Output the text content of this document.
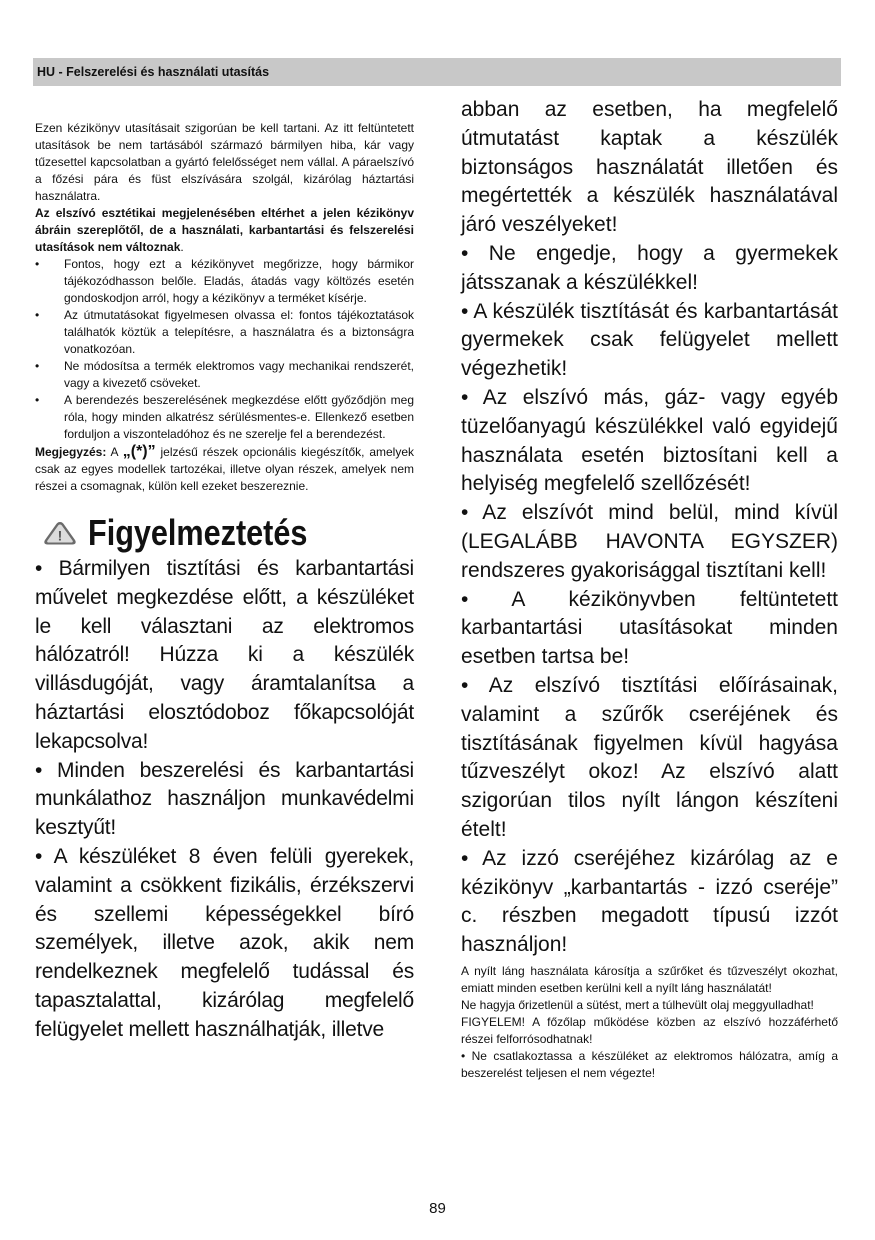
HU - Felszerelési és használati utasítás

Ezen kézikönyv utasításait szigorúan be kell tartani. Az itt feltüntetett utasítások be nem tartásából származó bármilyen hiba, kár vagy tűzesettel kapcsolatban a gyártó felelősséget nem vállal. A páraelszívó a főzési pára és füst elszívására szolgál, kizárólag háztartási használatra.

Az elszívó esztétikai megjelenésében eltérhet a jelen kézikönyv ábráin szereplőtől, de a használati, karbantartási és felszerelési utasítások nem változnak.

• Fontos, hogy ezt a kézikönyvet megőrizze, hogy bármikor tájékozódhasson belőle. Eladás, átadás vagy költözés esetén gondoskodjon arról, hogy a kézikönyv a terméket kísérje.
• Az útmutatásokat figyelmesen olvassa el: fontos tájékoztatások találhatók köztük a telepítésre, a használatra és a biztonságra vonatkozóan.
• Ne módosítsa a termék elektromos vagy mechanikai rendszerét, vagy a kivezető csöveket.
• A berendezés beszerelésének megkezdése előtt győződjön meg róla, hogy minden alkatrész sérülésmentes-e. Ellenkező esetben forduljon a viszonteladóhoz és ne szerelje fel a berendezést.

Megjegyzés: A „(*)” jelzésű részek opcionális kiegészítők, amelyek csak az egyes modellek tartozékai, illetve olyan részek, amelyek nem részei a csomagnak, külön kell ezeket beszereznie.

! Figyelmeztetés

• Bármilyen tisztítási és karbantartási művelet megkezdése előtt, a készüléket le kell választani az elektromos hálózatról! Húzza ki a készülék villásdugóját, vagy áramtalanítsa a háztartási elosztódoboz főkapcsolóját lekapcsolva!

• Minden beszerelési és karbantartási munkálathoz használjon munkavédelmi kesztyűt!

• A készüléket 8 éven felüli gyerekek, valamint a csökkent fizikális, érzékszervi és szellemi képességekkel bíró személyek, illetve azok, akik nem rendelkeznek megfelelő tudással és tapasztalattal, kizárólag megfelelő felügyelet mellett használhatják, illetve

abban az esetben, ha megfelelő útmutatást kaptak a készülék biztonságos használatát illetően és megértették a készülék használatával járó veszélyeket!

• Ne engedje, hogy a gyermekek játsszanak a készülékkel!

• A készülék tisztítását és karbantartását gyermekek csak felügyelet mellett végezhetik!

• Az elszívó más, gáz- vagy egyéb tüzelőanyagú készülékkel való egyidejű használata esetén biztosítani kell a helyiség megfelelő szellőzését!

• Az elszívót mind belül, mind kívül (LEGALÁBB HAVONTA EGYSZER) rendszeres gyakorisággal tisztítani kell!

• A kézikönyvben feltüntetett karbantartási utasításokat minden esetben tartsa be!

• Az elszívó tisztítási előírásainak, valamint a szűrők cseréjének és tisztításának figyelmen kívül hagyása tűzveszélyt okoz! Az elszívó alatt szigorúan tilos nyílt lángon készíteni ételt!

• Az izzó cseréjéhez kizárólag az e kézikönyv „karbantartás - izzó cseréje” c. részben megadott típusú izzót használjon!

A nyílt láng használata károsítja a szűrőket és tűzveszélyt okozhat, emiatt minden esetben kerülni kell a nyílt láng használatát!

Ne hagyja őrizetlenül a sütést, mert a túlhevült olaj meggyulladhat!

FIGYELEM! A főzőlap működése közben az elszívó hozzáférhető részei felforrósodhatnak!

• Ne csatlakoztassa a készüléket az elektromos hálózatra, amíg a beszerelést teljesen el nem végezte!

89
